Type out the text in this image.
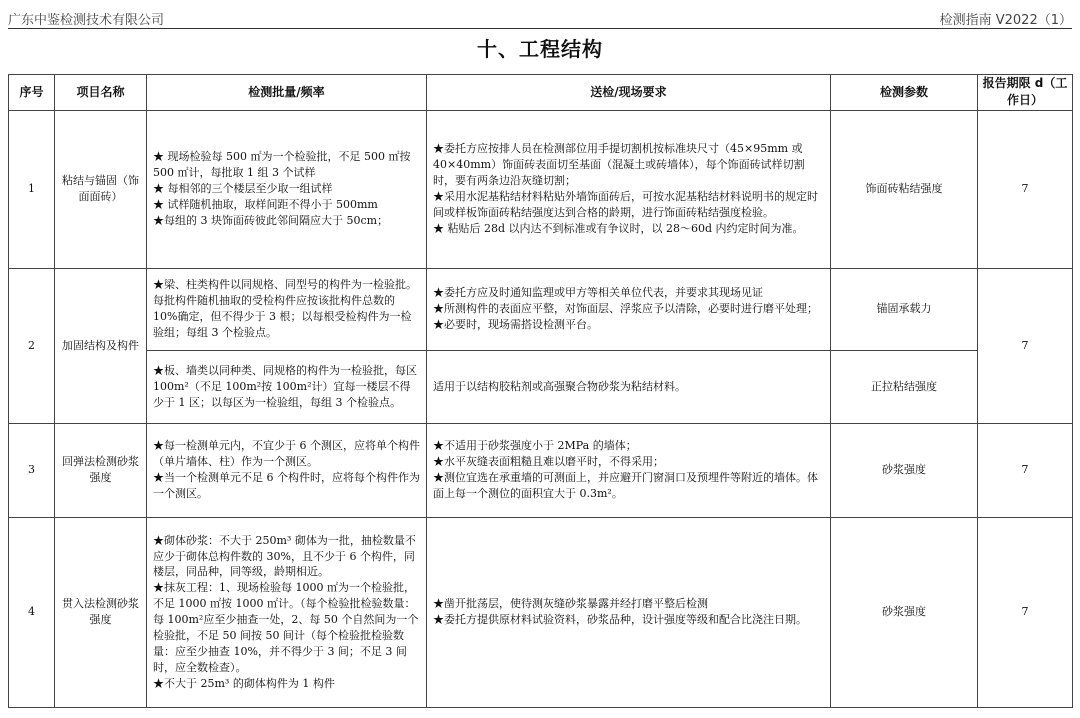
广东中鉴检测技术有限公司	检测指南 V2022（1）
十、工程结构
序号	项目名称	检测批量/频率	送检/现场要求	检测参数	报告期限 d（工作日）
1	粘结与锚固（饰面面砖）	★ 现场检验每 500 ㎡为一个检验批，不足 500 ㎡按 500 ㎡计，每批取 1 组 3 个试样
★ 每相邻的三个楼层至少取一组试样
★ 试样随机抽取，取样间距不得小于 500mm
★每组的 3 块饰面砖彼此邻间隔应大于 50cm；	★委托方应按排人员在检测部位用手提切割机按标准块尺寸（45×95mm 或 40×40mm）饰面砖表面切至基面（混凝土或砖墙体），每个饰面砖试样切割时，要有两条边沿灰缝切割；
★采用水泥基粘结材料粘贴外墙饰面砖后，可按水泥基粘结材料说明书的规定时间或样板饰面砖粘结强度达到合格的龄期，进行饰面砖粘结强度检验。
★ 粘贴后 28d 以内达不到标准或有争议时，以 28～60d 内约定时间为准。	饰面砖粘结强度	7
2	加固结构及构件	★梁、柱类构件以同规格、同型号的构件为一检验批。每批构件随机抽取的受检构件应按该批构件总数的 10%确定，但不得少于 3 根；以每根受检构件为一检验组；每组 3 个检验点。	★委托方应及时通知监理或甲方等相关单位代表，并要求其现场见证
★所测构件的表面应平整，对饰面层、浮浆应予以清除，必要时进行磨平处理；
★必要时，现场需搭设检测平台。	锚固承载力	7

		★板、墙类以同种类、同规格的构件为一检验批，每区 100m²（不足 100m²按 100m²计）宜每一楼层不得少于 1 区；以每区为一检验组，每组 3 个检验点。	适用于以结构胶粘剂或高强聚合物砂浆为粘结材料。	正拉粘结强度	
3	回弹法检测砂浆强度	★每一检测单元内，不宜少于 6 个测区，应将单个构件（单片墙体、柱）作为一个测区。
★当一个检测单元不足 6 个构件时，应将每个构件作为一个测区。	★不适用于砂浆强度小于 2MPa 的墙体；
★水平灰缝表面粗糙且难以磨平时，不得采用；
★测位宜选在承重墙的可测面上，并应避开门窗洞口及预埋件等附近的墙体。体面上每一个测位的面积宜大于 0.3m²。	砂浆强度	7
4	贯入法检测砂浆强度	★砌体砂浆：不大于 250m³ 砌体为一批，抽检数量不应少于砌体总构件数的 30%，且不少于 6 个构件，同楼层，同品种，同等级，龄期相近。
★抹灰工程：1、现场检验每 1000 ㎡为一个检验批，不足 1000 ㎡按 1000 ㎡计。（每个检验批检验数量：每 100m²应至少抽查一处，2、每 50 个自然间为一个检验批，不足 50 间按 50 间计（每个检验批检验数量：应至少抽查 10%，并不得少于 3 间；不足 3 间时，应全数检查）。
★不大于 25m³ 的砌体构件为 1 构件	★凿开批荡层，使待测灰缝砂浆暴露并经打磨平整后检测
★委托方提供原材料试验资料，砂浆品种，设计强度等级和配合比浇注日期。	砂浆强度	7
